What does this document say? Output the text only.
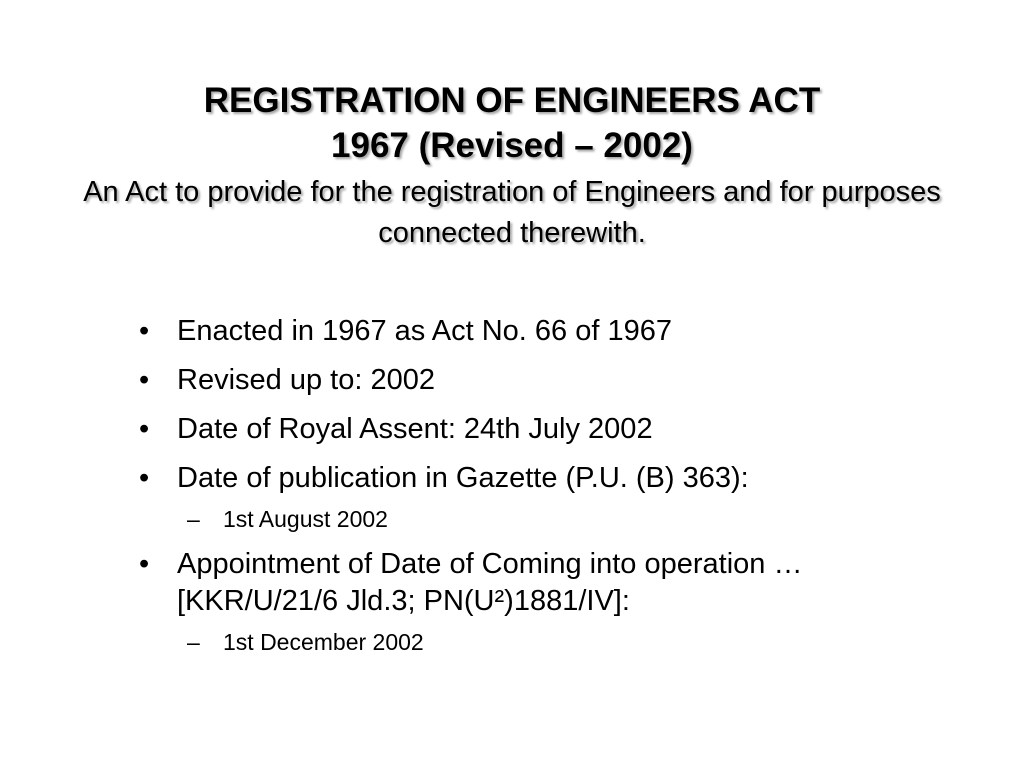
REGISTRATION OF ENGINEERS ACT
1967 (Revised – 2002)
An Act to provide for the registration of Engineers and for purposes connected therewith.
• Enacted in 1967 as Act No. 66 of 1967
• Revised up to: 2002
• Date of Royal Assent: 24th July 2002
• Date of publication in Gazette (P.U. (B) 363):
– 1st August 2002
• Appointment of Date of Coming into operation … [KKR/U/21/6 Jld.3; PN(U²)1881/IV]:
– 1st December 2002
